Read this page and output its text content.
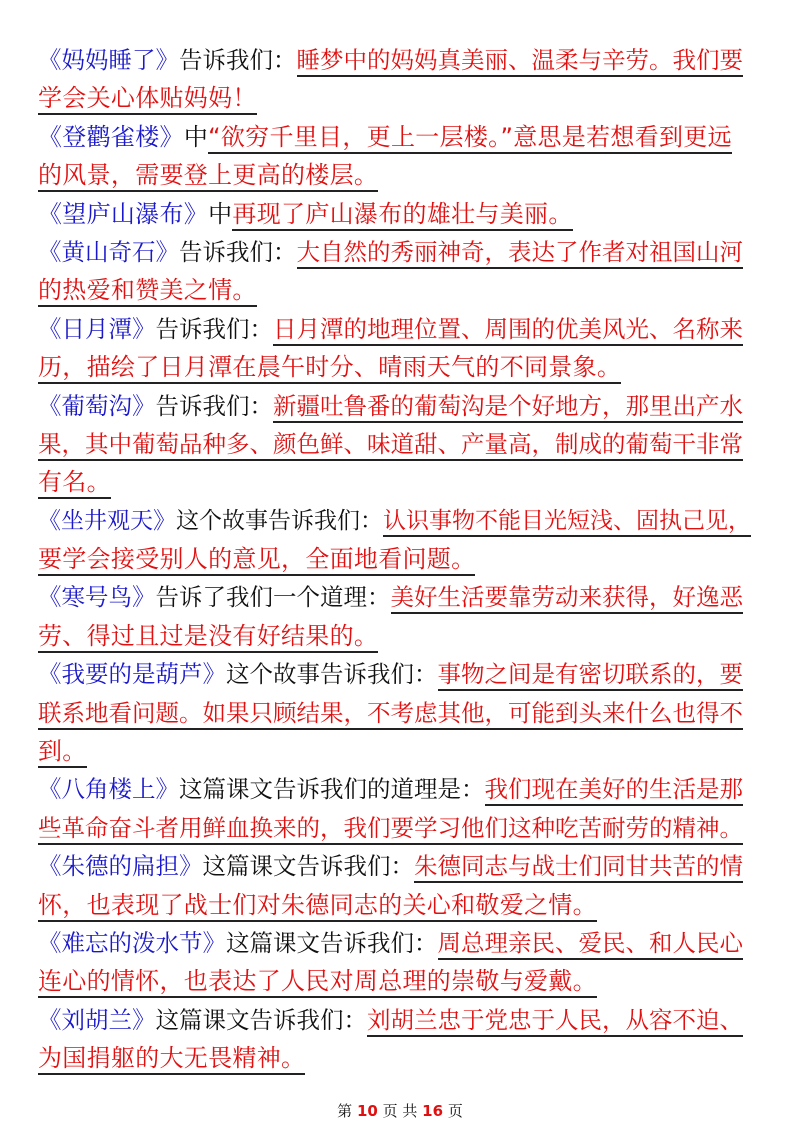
《妈妈睡了》告诉我们：睡梦中的妈妈真美丽、温柔与辛劳。我们要
学会关心体贴妈妈！
《登鹳雀楼》中“欲穷千里目，更上一层楼。”意思是若想看到更远
的风景，需要登上更高的楼层。
《望庐山瀑布》中再现了庐山瀑布的雄壮与美丽。
《黄山奇石》告诉我们：大自然的秀丽神奇，表达了作者对祖国山河
的热爱和赞美之情。
《日月潭》告诉我们：日月潭的地理位置、周围的优美风光、名称来
历，描绘了日月潭在晨午时分、晴雨天气的不同景象。
《葡萄沟》告诉我们：新疆吐鲁番的葡萄沟是个好地方，那里出产水
果，其中葡萄品种多、颜色鲜、味道甜、产量高，制成的葡萄干非常
有名。
《坐井观天》这个故事告诉我们：认识事物不能目光短浅、固执己见，
要学会接受别人的意见，全面地看问题。
《寒号鸟》告诉了我们一个道理：美好生活要靠劳动来获得，好逸恶
劳、得过且过是没有好结果的。
《我要的是葫芦》这个故事告诉我们：事物之间是有密切联系的，要
联系地看问题。如果只顾结果，不考虑其他，可能到头来什么也得不
到。
《八角楼上》这篇课文告诉我们的道理是：我们现在美好的生活是那
些革命奋斗者用鲜血换来的，我们要学习他们这种吃苦耐劳的精神。
《朱德的扁担》这篇课文告诉我们：朱德同志与战士们同甘共苦的情
怀，也表现了战士们对朱德同志的关心和敬爱之情。
《难忘的泼水节》这篇课文告诉我们：周总理亲民、爱民、和人民心
连心的情怀，也表达了人民对周总理的崇敬与爱戴。
《刘胡兰》这篇课文告诉我们：刘胡兰忠于党忠于人民，从容不迫、
为国捐躯的大无畏精神。
第 10 页 共 16 页
